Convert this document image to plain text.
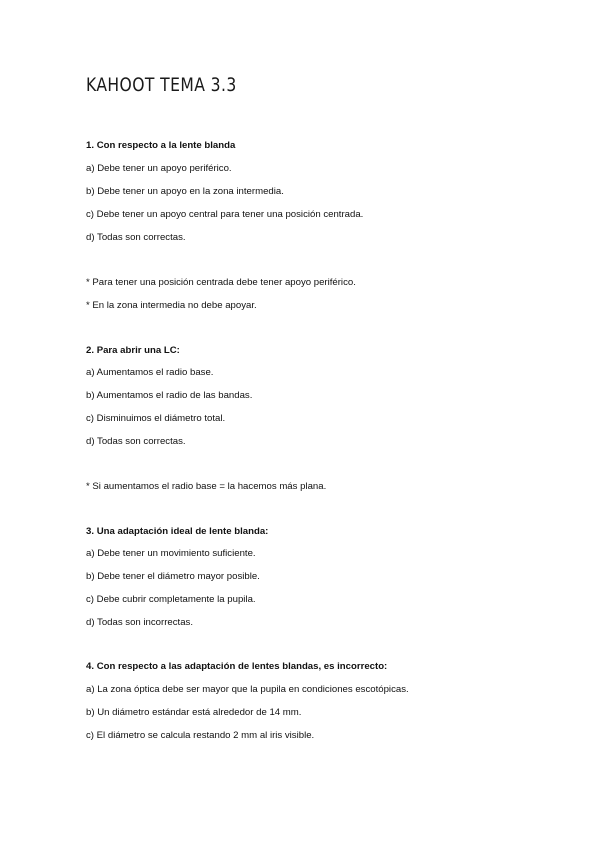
KAHOOT TEMA 3.3
1. Con respecto a la lente blanda
a) Debe tener un apoyo periférico.
b) Debe tener un apoyo en la zona intermedia.
c) Debe tener un apoyo central para tener una posición centrada.
d) Todas son correctas.
* Para tener una posición centrada debe tener apoyo periférico.
* En la zona intermedia no debe apoyar.
2. Para abrir una LC:
a) Aumentamos el radio base.
b) Aumentamos el radio de las bandas.
c) Disminuimos el diámetro total.
d) Todas son correctas.
* Si aumentamos el radio base = la hacemos más plana.
3. Una adaptación ideal de lente blanda:
a) Debe tener un movimiento suficiente.
b) Debe tener el diámetro mayor posible.
c) Debe cubrir completamente la pupila.
d) Todas son incorrectas.
4. Con respecto a las adaptación de lentes blandas, es incorrecto:
a) La zona óptica debe ser mayor que la pupila en condiciones escotópicas.
b) Un diámetro estándar está alrededor de 14 mm.
c) El diámetro se calcula restando 2 mm al iris visible.
